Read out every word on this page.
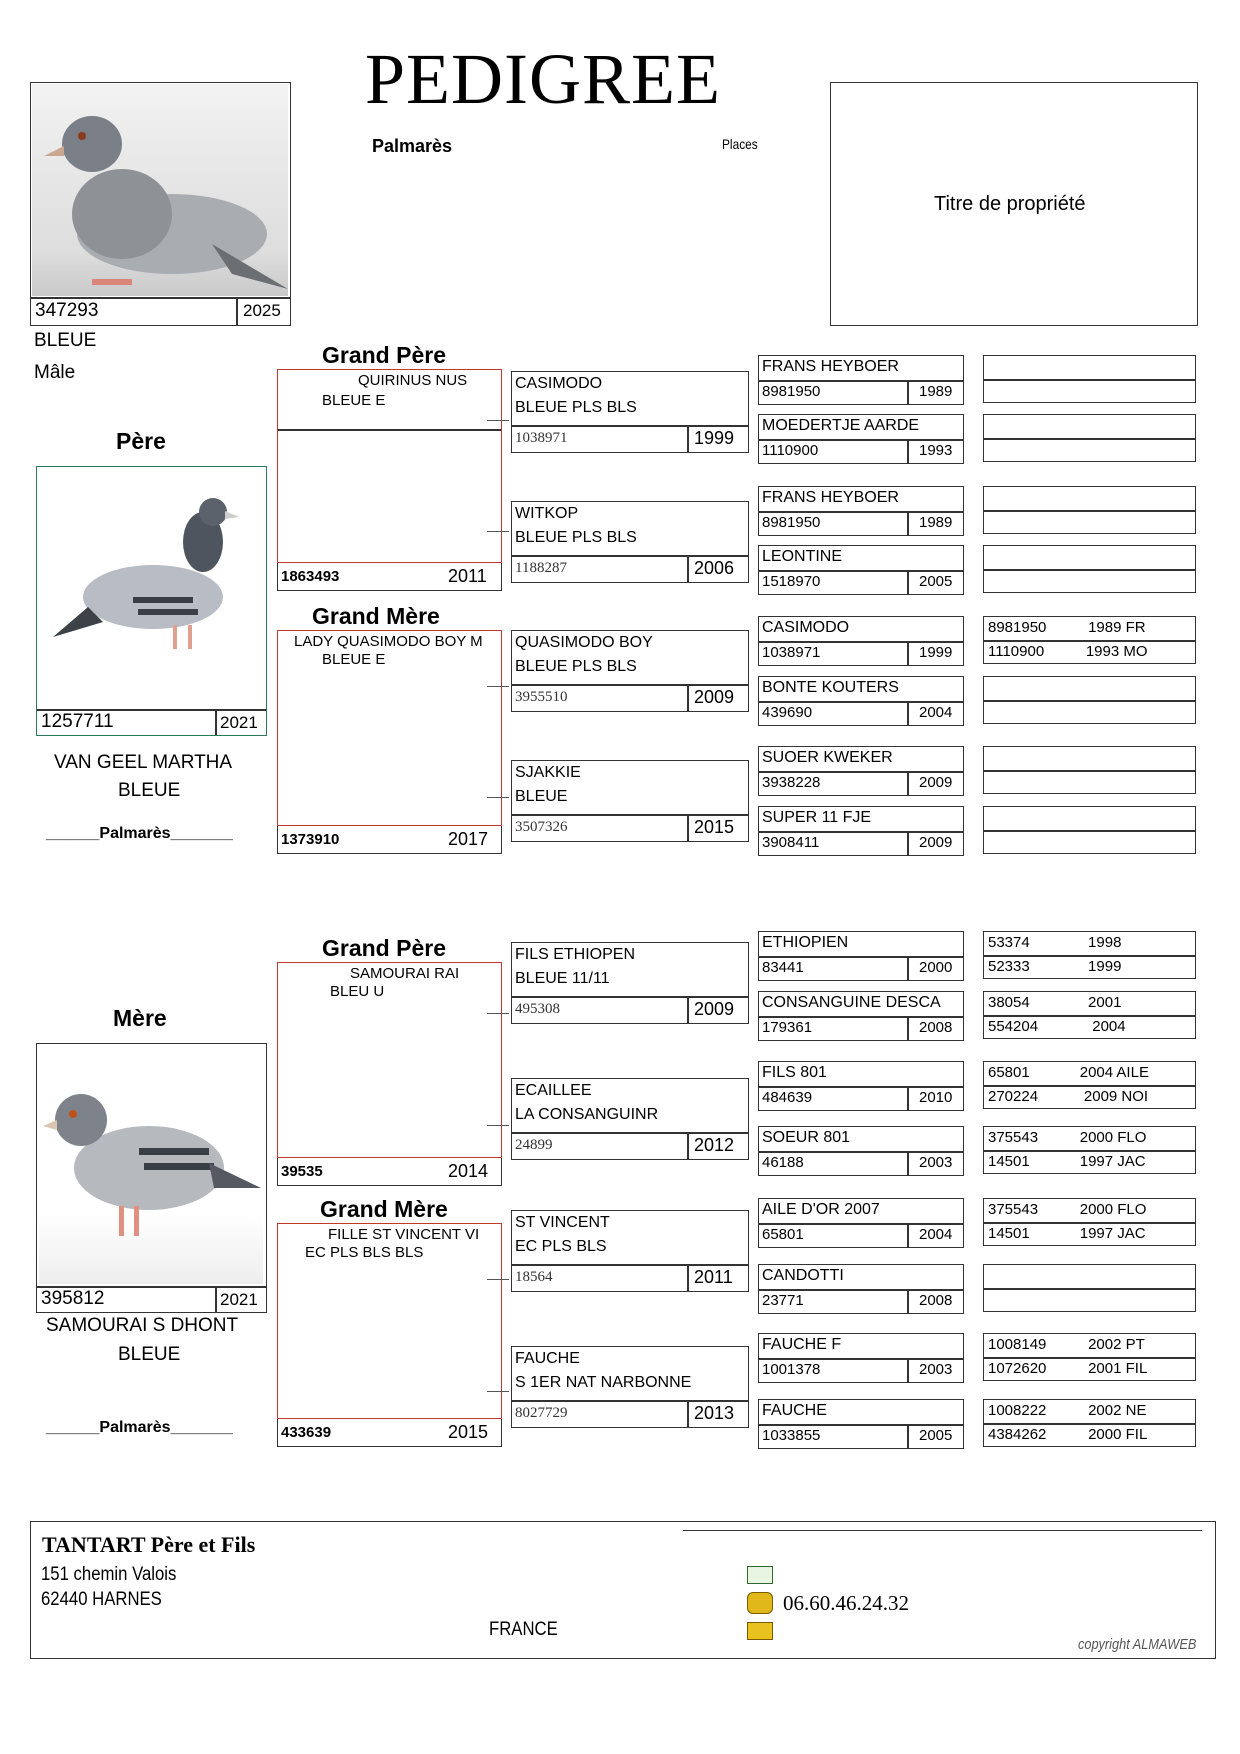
PEDIGREE
Palmarès	Places
Titre de propriété
347293	2025
BLEUE
Mâle
Père
1257711	2021
VAN GEEL MARTHA
BLEUE
______Palmarès_______
Grand Père
QUIRINUS NUS
BLEUE E
1863493	2011
Grand Mère
LADY QUASIMODO BOY M
BLEUE E
1373910	2017
Mère
395812	2021
SAMOURAI S DHONT
BLEUE
______Palmarès_______
Grand Père
SAMOURAI RAI
BLEU U
39535	2014
Grand Mère
FILLE ST VINCENT VI
EC PLS BLS BLS
433639	2015
CASIMODO
BLEUE PLS BLS
1038971	1999
WITKOP
BLEUE PLS BLS
1188287	2006
QUASIMODO BOY
BLEUE PLS BLS
3955510	2009
SJAKKIE
BLEUE
3507326	2015
FILS ETHIOPEN
BLEUE 11/11
495308	2009
ECAILLEE
LA CONSANGUINR
24899	2012
ST VINCENT
EC PLS BLS
18564	2011
FAUCHE
S 1ER NAT NARBONNE
8027729	2013
FRANS HEYBOER
8981950	1989
MOEDERTJE AARDE
1110900	1993
FRANS HEYBOER
8981950	1989
LEONTINE
1518970	2005
CASIMODO
1038971	1999
BONTE KOUTERS
439690	2004
SUOER KWEKER
3938228	2009
SUPER 11 FJE
3908411	2009
ETHIOPIEN
83441	2000
CONSANGUINE DESCA
179361	2008
FILS 801
484639	2010
SOEUR 801
46188	2003
AILE D'OR 2007
65801	2004
CANDOTTI
23771	2008
FAUCHE F
1001378	2003
FAUCHE
1033855	2005
8981950          1989 FR
1110900          1993 MO
53374              1998
52333              1999
38054              2001
554204             2004
65801            2004 AILE
270224           2009 NOI
375543          2000 FLO
14501            1997 JAC
375543          2000 FLO
14501            1997 JAC
1008149          2002 PT
1072620          2001 FIL
1008222          2002 NE
4384262          2000 FIL
TANTART Père et Fils
151 chemin Valois
62440 HARNES
FRANCE
06.60.46.24.32
copyright ALMAWEB
